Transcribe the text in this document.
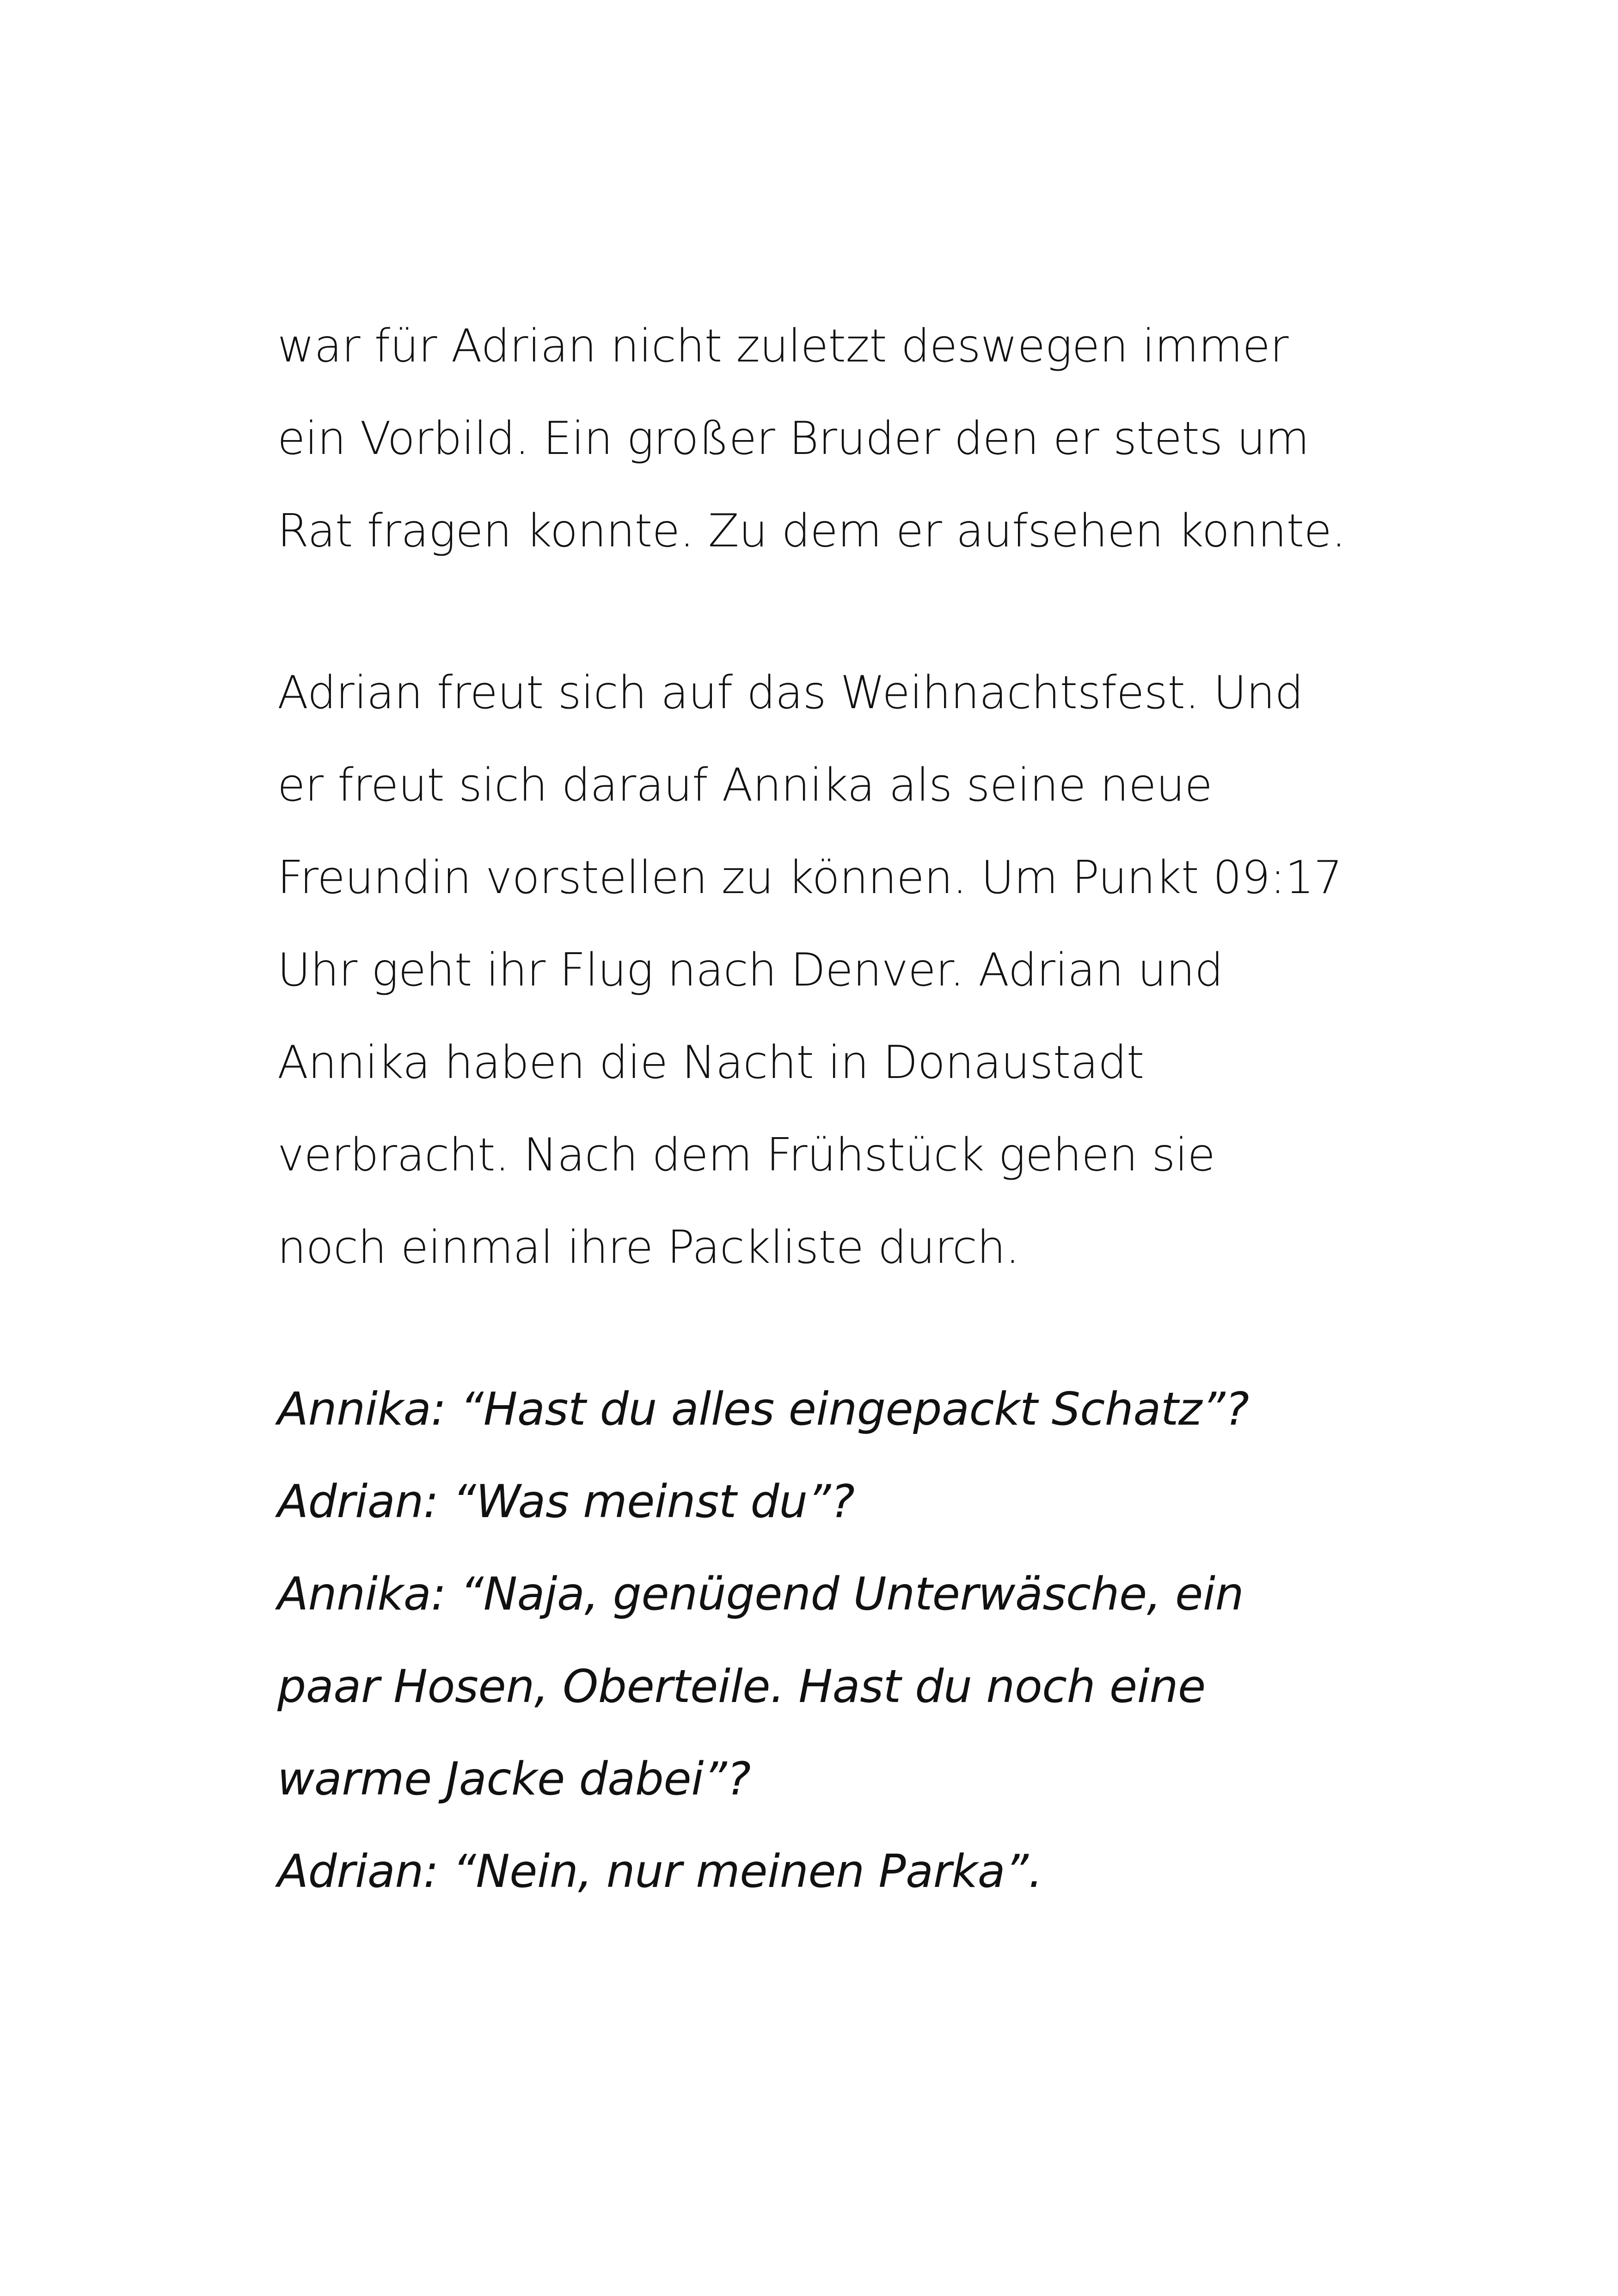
war für Adrian nicht zuletzt deswegen immer
ein Vorbild. Ein großer Bruder den er stets um
Rat fragen konnte. Zu dem er aufsehen konnte.
Adrian freut sich auf das Weihnachtsfest. Und
er freut sich darauf Annika als seine neue
Freundin vorstellen zu können. Um Punkt 09:17
Uhr geht ihr Flug nach Denver. Adrian und
Annika haben die Nacht in Donaustadt
verbracht. Nach dem Frühstück gehen sie
noch einmal ihre Packliste durch.
Annika: “Hast du alles eingepackt Schatz”?
Adrian: “Was meinst du”?
Annika: “Naja, genügend Unterwäsche, ein
paar Hosen, Oberteile. Hast du noch eine
warme Jacke dabei”?
Adrian: “Nein, nur meinen Parka”.
